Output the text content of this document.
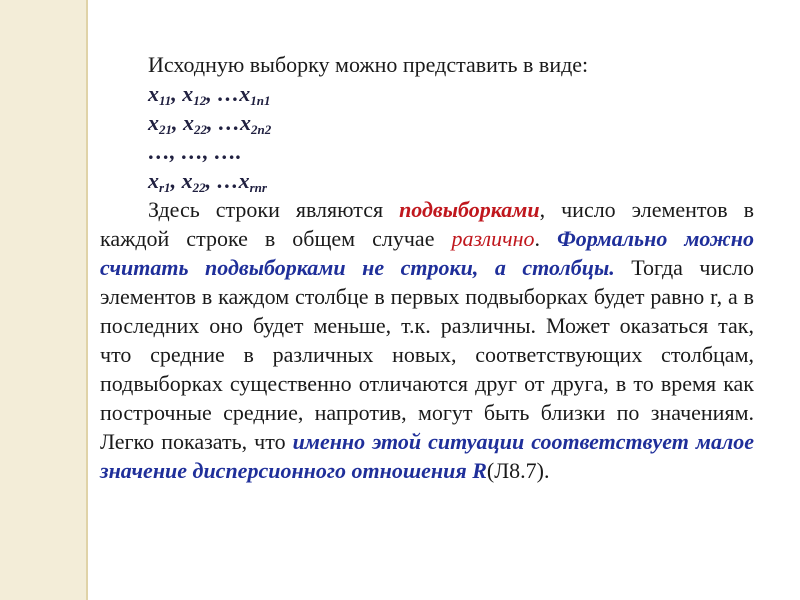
Исходную выборку можно представить в виде:

$x_{11}$, $x_{12}$, $\dots x_{1n1}$

$x_{21}$, $x_{22}$, $\dots x_{2n2}$

…, …, ….

$x_{r1}$, $x_{22}$, $\dots x_{rnr}$

Здесь строки являются подвыборками, число элементов в каждой строке в общем случае различно. Формально можно считать подвыборками не строки, а столбцы. Тогда число элементов в каждом столбце в первых подвыборках будет равно r, а в последних оно будет меньше, т.к. различны. Может оказаться так, что средние в различных новых, соответствующих столбцам, подвыборках существенно отличаются друг от друга, в то время как построчные средние, напротив, могут быть близки по значениям. Легко показать, что именно этой ситуации соответствует малое значение дисперсионного отношения R(Л8.7).
